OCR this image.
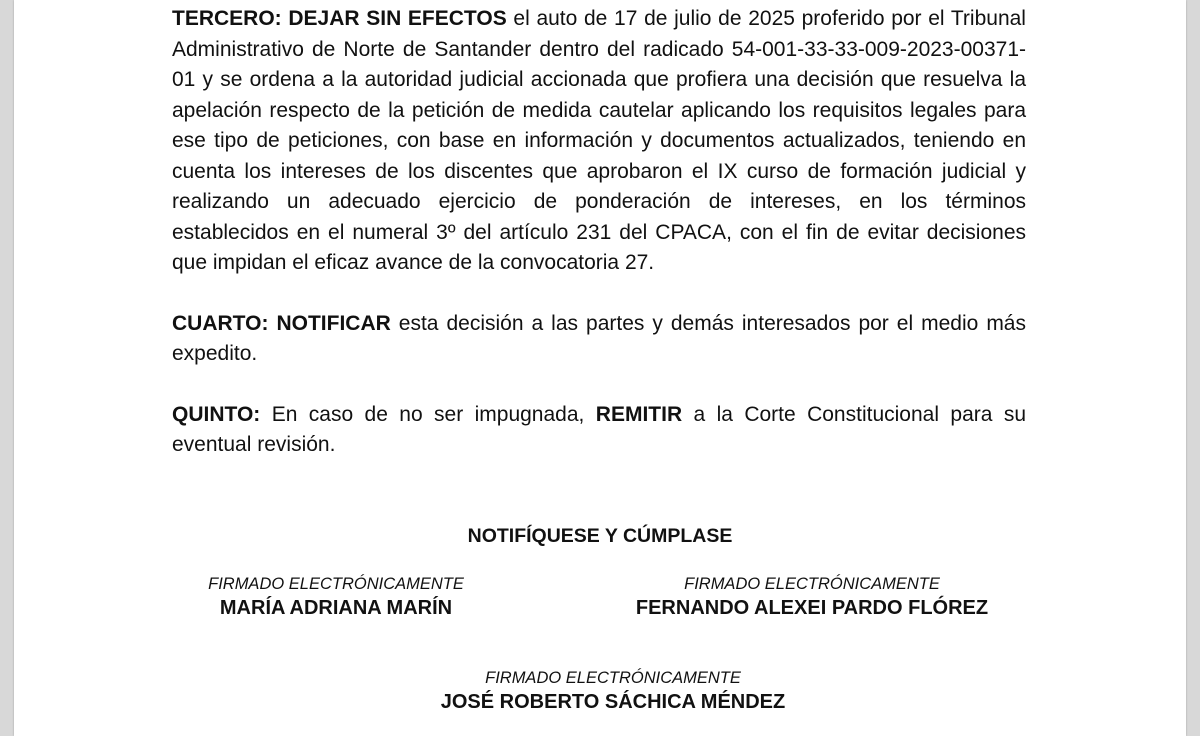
TERCERO: DEJAR SIN EFECTOS el auto de 17 de julio de 2025 proferido por el Tribunal Administrativo de Norte de Santander dentro del radicado 54-001-33-33-009-2023-00371-01 y se ordena a la autoridad judicial accionada que profiera una decisión que resuelva la apelación respecto de la petición de medida cautelar aplicando los requisitos legales para ese tipo de peticiones, con base en información y documentos actualizados, teniendo en cuenta los intereses de los discentes que aprobaron el IX curso de formación judicial y realizando un adecuado ejercicio de ponderación de intereses, en los términos establecidos en el numeral 3º del artículo 231 del CPACA, con el fin de evitar decisiones que impidan el eficaz avance de la convocatoria 27.

CUARTO: NOTIFICAR esta decisión a las partes y demás interesados por el medio más expedito.

QUINTO: En caso de no ser impugnada, REMITIR a la Corte Constitucional para su eventual revisión.

NOTIFÍQUESE Y CÚMPLASE
FIRMADO ELECTRÓNICAMENTE
MARÍA ADRIANA MARÍN
FIRMADO ELECTRÓNICAMENTE
FERNANDO ALEXEI PARDO FLÓREZ
FIRMADO ELECTRÓNICAMENTE
JOSÉ ROBERTO SÁCHICA MÉNDEZ
